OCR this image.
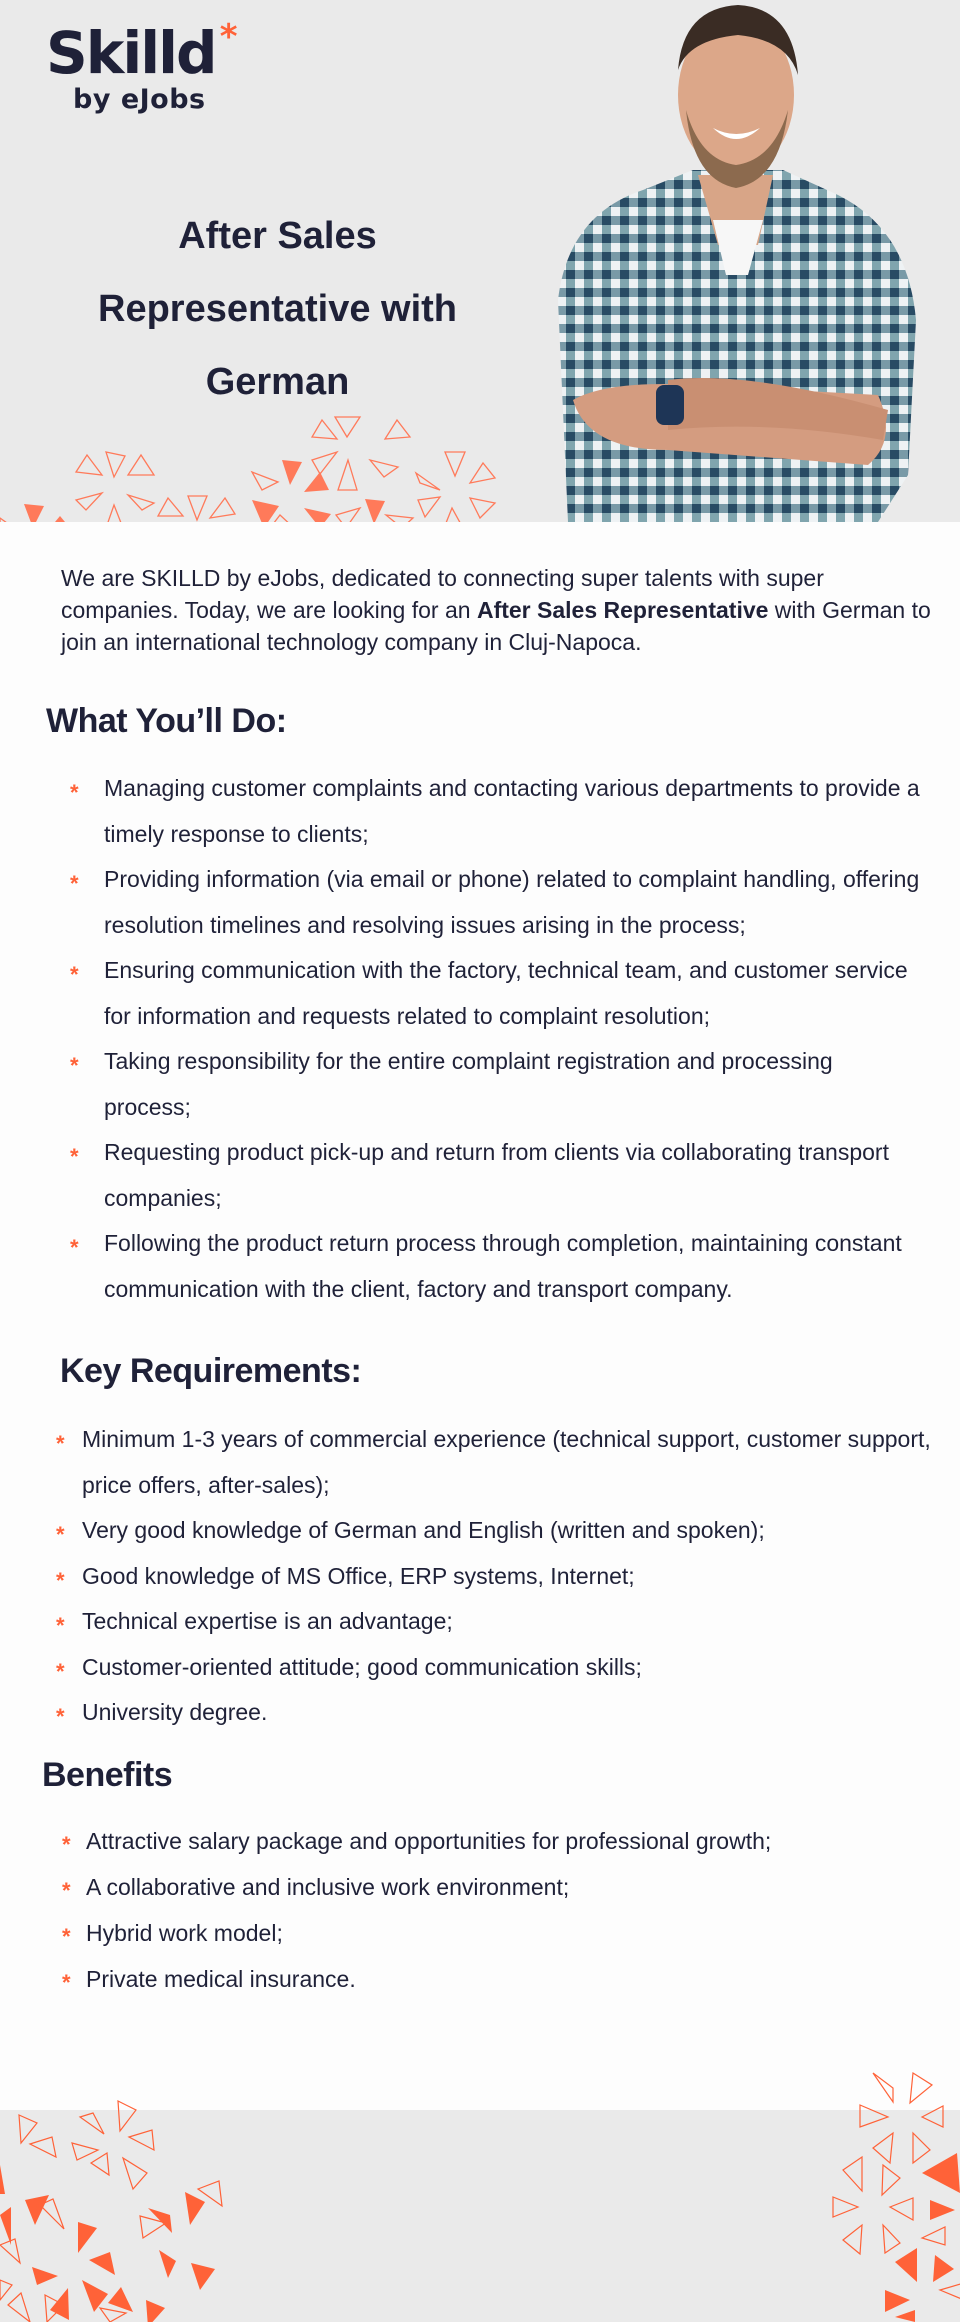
Skilld *
by eJobs
After Sales
Representative with
German

We are SKILLD by eJobs, dedicated to connecting super talents with super companies. Today, we are looking for an After Sales Representative with German to join an international technology company in Cluj-Napoca.

What You’ll Do:
* Managing customer complaints and contacting various departments to provide a timely response to clients;
* Providing information (via email or phone) related to complaint handling, offering resolution timelines and resolving issues arising in the process;
* Ensuring communication with the factory, technical team, and customer service for information and requests related to complaint resolution;
* Taking responsibility for the entire complaint registration and processing process;
* Requesting product pick-up and return from clients via collaborating transport companies;
* Following the product return process through completion, maintaining constant communication with the client, factory and transport company.
Key Requirements:
* Minimum 1-3 years of commercial experience (technical support, customer support, price offers, after-sales);
* Very good knowledge of German and English (written and spoken);
* Good knowledge of MS Office, ERP systems, Internet;
* Technical expertise is an advantage;
* Customer-oriented attitude; good communication skills;
* University degree.
Benefits
* Attractive salary package and opportunities for professional growth;
* A collaborative and inclusive work environment;
* Hybrid work model;
* Private medical insurance.
